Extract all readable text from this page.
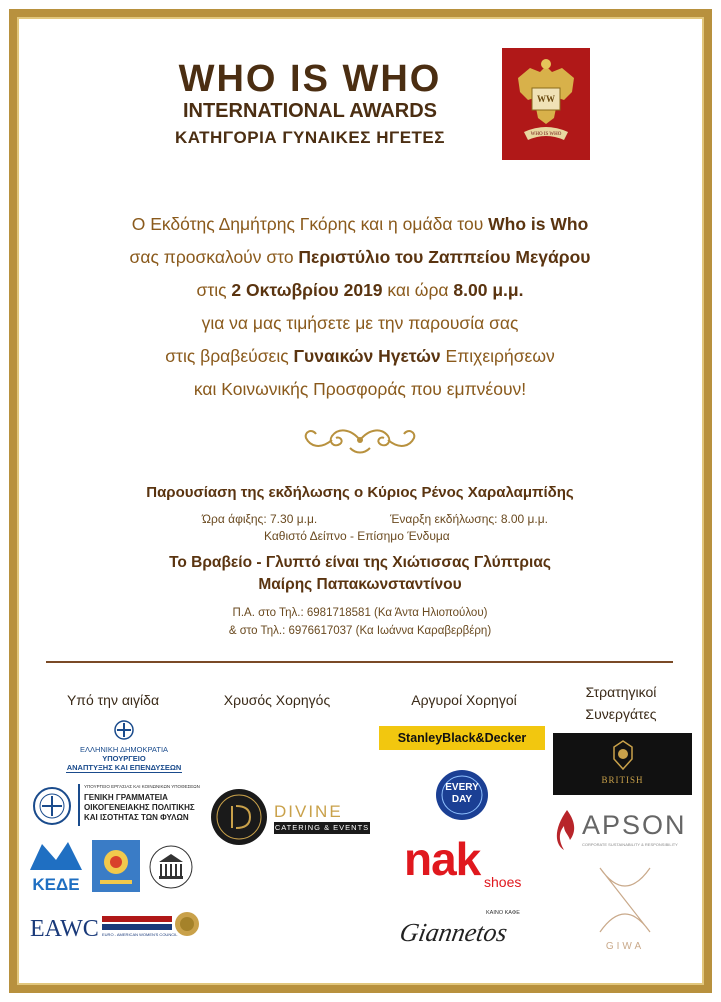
WHO IS WHO
INTERNATIONAL AWARDS
ΚΑΤΗΓΟΡΙΑ ΓΥΝΑΙΚΕΣ ΗΓΕΤΕΣ
WW
WHO IS WHO
Ο Εκδότης Δημήτρης Γκόρης και η ομάδα του Who is Who
σας προσκαλούν στο Περιστύλιο του Ζαππείου Μεγάρου
στις 2 Οκτωβρίου 2019 και ώρα 8.00 μ.μ.
για να μας τιμήσετε με την παρουσία σας
στις βραβεύσεις Γυναικών Ηγετών Επιχειρήσεων
και Κοινωνικής Προσφοράς που εμπνέουν!
Παρουσίαση της εκδήλωσης ο Κύριος Ρένος Χαραλαμπίδης
Ώρα άφιξης: 7.30 μ.μ.	Έναρξη εκδήλωσης: 8.00 μ.μ.
Καθιστό Δείπνο - Επίσημο Ένδυμα
Το Βραβείο - Γλυπτό είναι της Χιώτισσας Γλύπτριας
Μαίρης Παπακωνσταντίνου
Π.Α. στο Τηλ.: 6981718581 (Κα Άντα Ηλιοπούλου)
& στο Τηλ.: 6976617037 (Κα Ιωάννα Καραβερβέρη)
Υπό την αιγίδα	Χρυσός Χορηγός	Αργυροί Χορηγοί	Στρατηγικοί
Συνεργάτες
ΕΛΛΗΝΙΚΗ ΔΗΜΟΚΡΑΤΙΑ
ΥΠΟΥΡΓΕΙΟ
ΑΝΑΠΤΥΞΗΣ ΚΑΙ ΕΠΕΝΔΥΣΕΩΝ
ΥΠΟΥΡΓΕΙΟ ΕΡΓΑΣΙΑΣ ΚΑΙ ΚΟΙΝΩΝΙΚΩΝ ΥΠΟΘΕΣΕΩΝ
ΓΕΝΙΚΗ ΓΡΑΜΜΑΤΕΙΑ
ΟΙΚΟΓΕΝΕΙΑΚΗΣ ΠΟΛΙΤΙΚΗΣ
ΚΑΙ ΙΣΟΤΗΤΑΣ ΤΩΝ ΦΥΛΩΝ
ΚΕΔΕ
EAWC EURO - AMERICAN WOMEN'S COUNCIL
DIVINE
CATERING & EVENTS
StanleyBlack&Decker
EVERY
DAY
nak shoes
ΚΑΙΝΟ ΚΑΦΕ
Giannetos
BRITISH
APSON
CORPORATE SUSTAINABILITY & RESPONSIBILITY
GIWA
